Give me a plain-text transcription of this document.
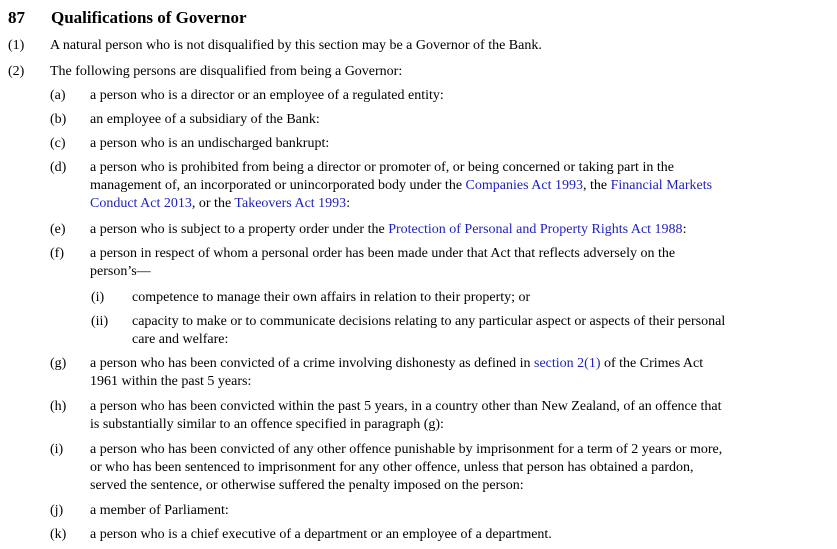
87 Qualifications of Governor
(1) A natural person who is not disqualified by this section may be a Governor of the Bank.
(2) The following persons are disqualified from being a Governor:
(a) a person who is a director or an employee of a regulated entity:
(b) an employee of a subsidiary of the Bank:
(c) a person who is an undischarged bankrupt:
(d) a person who is prohibited from being a director or promoter of, or being concerned or taking part in the
management of, an incorporated or unincorporated body under the Companies Act 1993, the Financial Markets
Conduct Act 2013, or the Takeovers Act 1993:
(e) a person who is subject to a property order under the Protection of Personal and Property Rights Act 1988:
(f) a person in respect of whom a personal order has been made under that Act that reflects adversely on the
person’s—
(i) competence to manage their own affairs in relation to their property; or
(ii) capacity to make or to communicate decisions relating to any particular aspect or aspects of their personal
care and welfare:
(g) a person who has been convicted of a crime involving dishonesty as defined in section 2(1) of the Crimes Act
1961 within the past 5 years:
(h) a person who has been convicted within the past 5 years, in a country other than New Zealand, of an offence that
is substantially similar to an offence specified in paragraph (g):
(i) a person who has been convicted of any other offence punishable by imprisonment for a term of 2 years or more,
or who has been sentenced to imprisonment for any other offence, unless that person has obtained a pardon,
served the sentence, or otherwise suffered the penalty imposed on the person:
(j) a member of Parliament:
(k) a person who is a chief executive of a department or an employee of a department.
